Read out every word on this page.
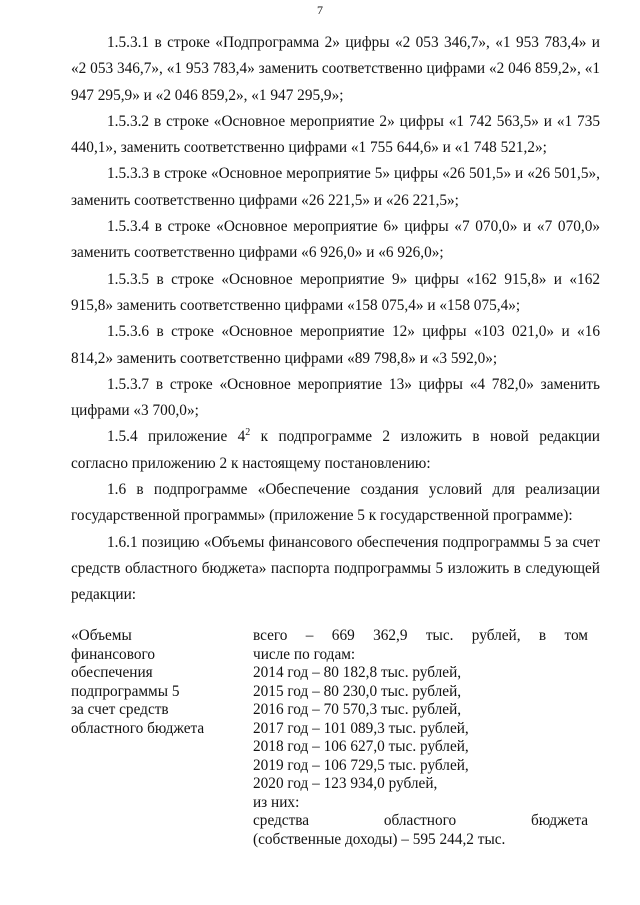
7

1.5.3.1 в строке «Подпрограмма 2» цифры «2 053 346,7», «1 953 783,4» и «2 053 346,7», «1 953 783,4» заменить соответственно цифрами «2 046 859,2», «1 947 295,9» и «2 046 859,2», «1 947 295,9»;

1.5.3.2 в строке «Основное мероприятие 2» цифры «1 742 563,5» и «1 735 440,1», заменить соответственно цифрами «1 755 644,6» и «1 748 521,2»;

1.5.3.3 в строке «Основное мероприятие 5» цифры «26 501,5» и «26 501,5», заменить соответственно цифрами «26 221,5» и «26 221,5»;

1.5.3.4 в строке «Основное мероприятие 6» цифры «7 070,0» и «7 070,0» заменить соответственно цифрами «6 926,0» и «6 926,0»;

1.5.3.5 в строке «Основное мероприятие 9» цифры «162 915,8» и «162 915,8» заменить соответственно цифрами «158 075,4» и «158 075,4»;

1.5.3.6 в строке «Основное мероприятие 12» цифры «103 021,0» и «16 814,2» заменить соответственно цифрами «89 798,8» и «3 592,0»;

1.5.3.7 в строке «Основное мероприятие 13» цифры «4 782,0» заменить цифрами «3 700,0»;

1.5.4 приложение $4^2$ к подпрограмме 2 изложить в новой редакции согласно приложению 2 к настоящему постановлению:

1.6 в подпрограмме «Обеспечение создания условий для реализации государственной программы» (приложение 5 к государственной программе):

1.6.1 позицию «Объемы финансового обеспечения подпрограммы 5 за счет средств областного бюджета» паспорта подпрограммы 5 изложить в следующей редакции:

«Объемы
финансового
обеспечения
подпрограммы 5
за счет средств
областного бюджета
всего – 669 362,9 тыс. рублей, в том
числе по годам:
2014 год – 80 182,8 тыс. рублей,
2015 год – 80 230,0 тыс. рублей,
2016 год – 70 570,3 тыс. рублей,
2017 год – 101 089,3 тыс. рублей,
2018 год – 106 627,0 тыс. рублей,
2019 год – 106 729,5 тыс. рублей,
2020 год – 123 934,0 рублей,
из них:
средства областного бюджета
(собственные доходы) – 595 244,2 тыс.
